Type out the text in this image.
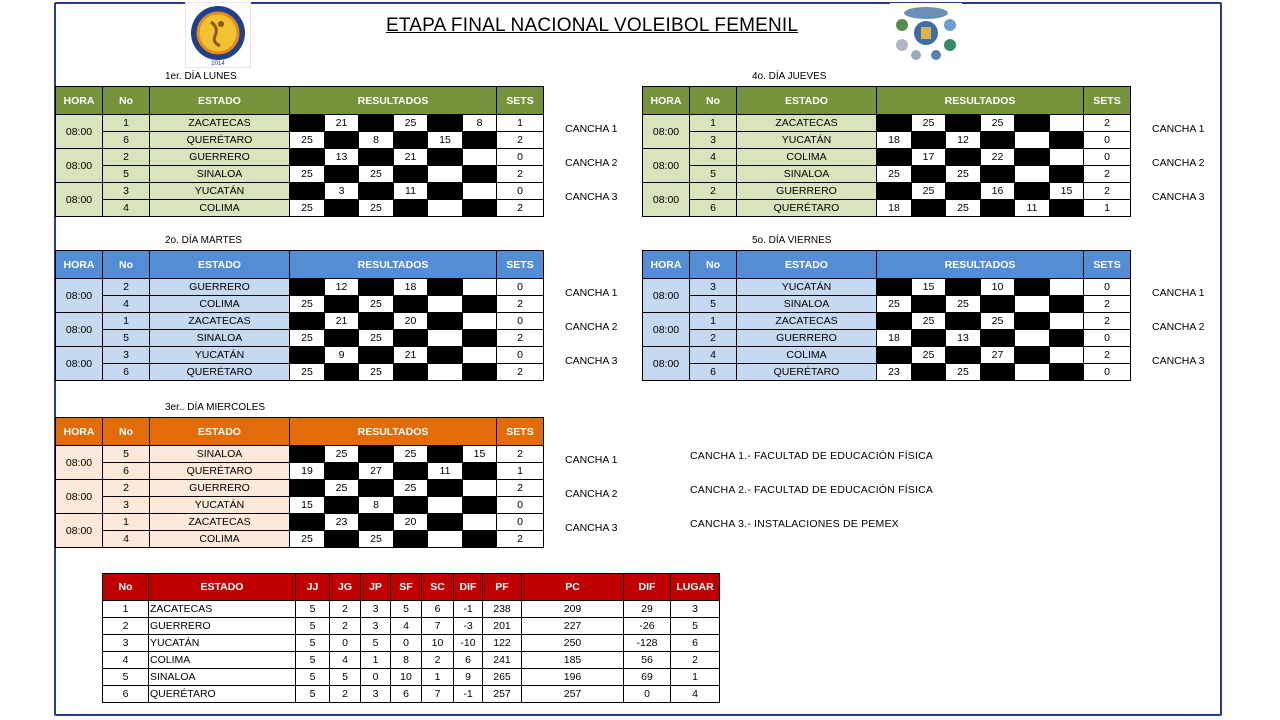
2014
ETAPA FINAL NACIONAL VOLEIBOL FEMENIL
1er. DÍA LUNES
CANCHA 1
CANCHA 2
CANCHA 3
HORA	No	ESTADO	RESULTADOS						SETS
08:00	1	ZACATECAS		21		25		8	1
	6	QUERÉTARO	25		8		15		2
08:00	2	GUERRERO		13		21			0
	5	SINALOA	25		25				2
08:00	3	YUCATÁN		3		11			0
	4	COLIMA	25		25				2
2o. DÍA MARTES
CANCHA 1
CANCHA 2
CANCHA 3
HORA	No	ESTADO	RESULTADOS						SETS
08:00	2	GUERRERO		12		18			0
	4	COLIMA	25		25				2
08:00	1	ZACATECAS		21		20			0
	5	SINALOA	25		25				2
08:00	3	YUCATÁN		9		21			0
	6	QUERÉTARO	25		25				2
3er.. DÍA MIERCOLES
CANCHA 1
CANCHA 2
CANCHA 3
HORA	No	ESTADO	RESULTADOS						SETS
08:00	5	SINALOA		25		25		15	2
	6	QUERÉTARO	19		27		11		1
08:00	2	GUERRERO		25		25			2
	3	YUCATÁN	15		8				0
08:00	1	ZACATECAS		23		20			0
	4	COLIMA	25		25				2
4o. DÍA JUEVES
CANCHA 1
CANCHA 2
CANCHA 3
HORA	No	ESTADO	RESULTADOS						SETS
08:00	1	ZACATECAS		25		25			2
	3	YUCATÁN	18		12				0
08:00	4	COLIMA		17		22			0
	5	SINALOA	25		25				2
08:00	2	GUERRERO		25		16		15	2
	6	QUERÉTARO	18		25		11		1
5o. DÍA VIERNES
CANCHA 1
CANCHA 2
CANCHA 3
HORA	No	ESTADO	RESULTADOS						SETS
08:00	3	YUCATÁN		15		10			0
	5	SINALOA	25		25				2
08:00	1	ZACATECAS		25		25			2
	2	GUERRERO	18		13				0
08:00	4	COLIMA		25		27			2
	6	QUERÉTARO	23		25				0
CANCHA 1.- FACULTAD DE EDUCACIÓN FÍSICA
CANCHA 2.- FACULTAD DE EDUCACIÓN FÍSICA
CANCHA 3.- INSTALACIONES DE PEMEX
No	ESTADO	JJ	JG	JP	SF	SC	DIF	PF	PC	DIF	LUGAR
1	ZACATECAS	5	2	3	5	6	-1	238	209	29	3
2	GUERRERO	5	2	3	4	7	-3	201	227	-26	5
3	YUCATÁN	5	0	5	0	10	-10	122	250	-128	6
4	COLIMA	5	4	1	8	2	6	241	185	56	2
5	SINALOA	5	5	0	10	1	9	265	196	69	1
6	QUERÉTARO	5	2	3	6	7	-1	257	257	0	4
